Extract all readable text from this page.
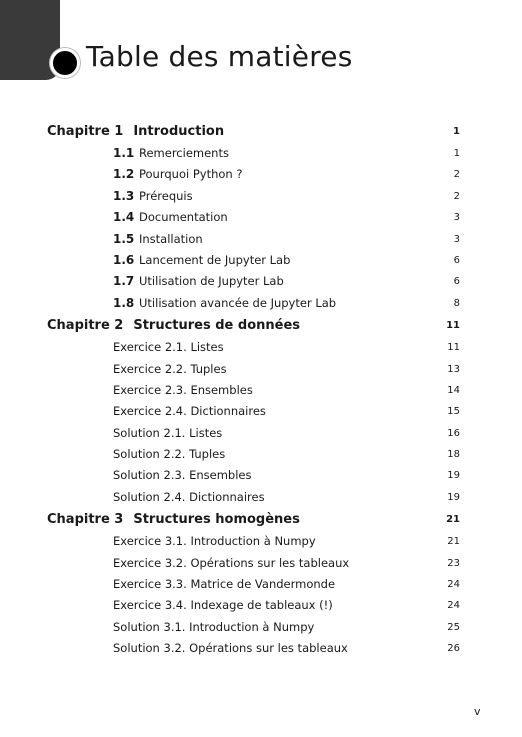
Table des matières
Chapitre 1 Introduction	1
1.1 Remerciements	1
1.2 Pourquoi Python ?	2
1.3 Prérequis	2
1.4 Documentation	3
1.5 Installation	3
1.6 Lancement de Jupyter Lab	6
1.7 Utilisation de Jupyter Lab	6
1.8 Utilisation avancée de Jupyter Lab	8
Chapitre 2 Structures de données	11
Exercice 2.1. Listes	11
Exercice 2.2. Tuples	13
Exercice 2.3. Ensembles	14
Exercice 2.4. Dictionnaires	15
Solution 2.1. Listes	16
Solution 2.2. Tuples	18
Solution 2.3. Ensembles	19
Solution 2.4. Dictionnaires	19
Chapitre 3 Structures homogènes	21
Exercice 3.1. Introduction à Numpy	21
Exercice 3.2. Opérations sur les tableaux	23
Exercice 3.3. Matrice de Vandermonde	24
Exercice 3.4. Indexage de tableaux (!)	24
Solution 3.1. Introduction à Numpy	25
Solution 3.2. Opérations sur les tableaux	26
v
